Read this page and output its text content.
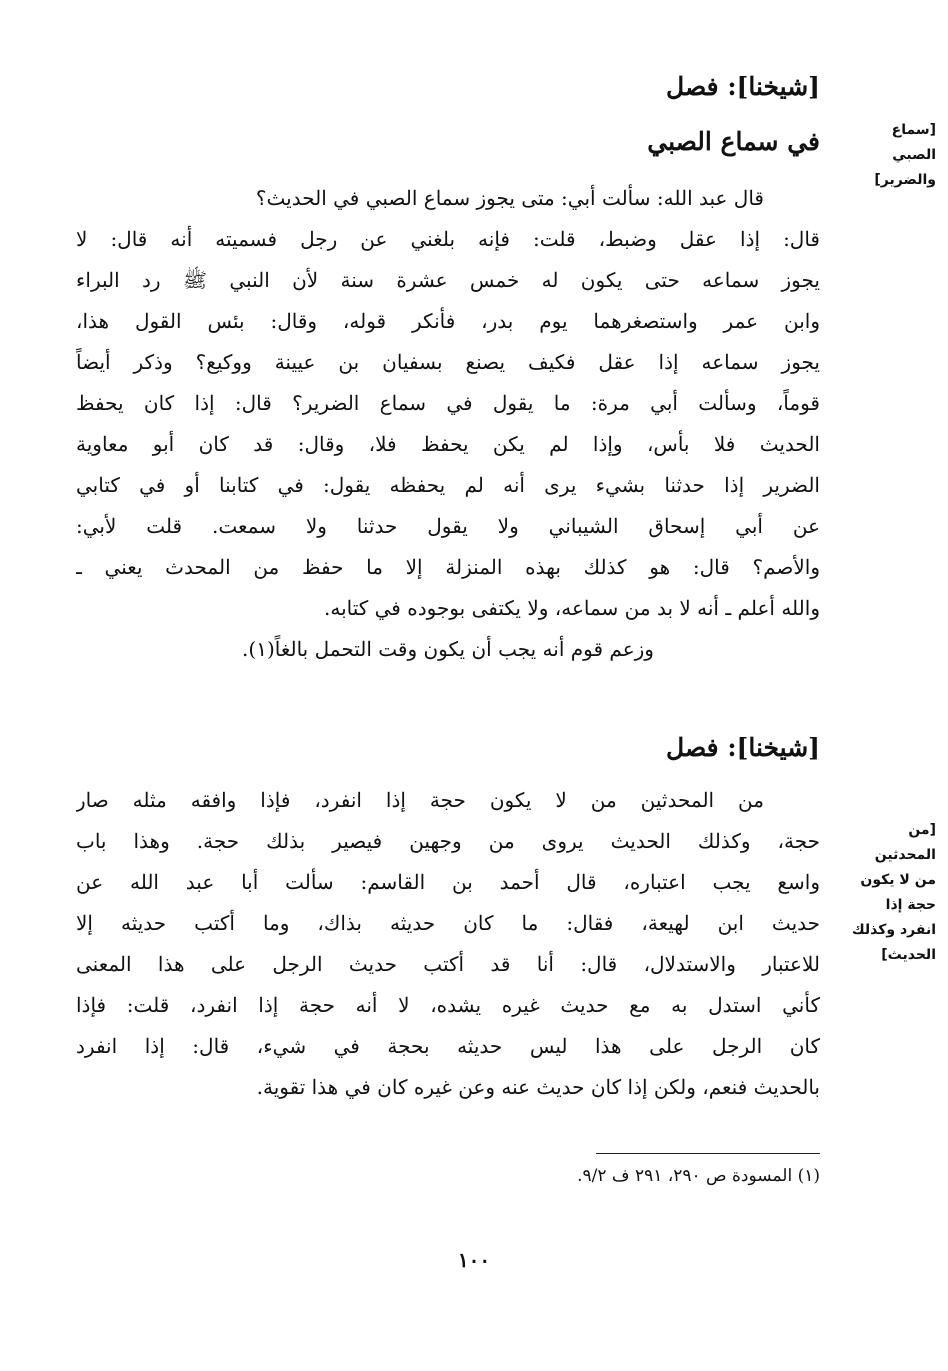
[شيخنا]: فصل
في سماع الصبي	[سماع
الصبي
والضرير]
قال عبد الله: سألت أبي: متى يجوز سماع الصبي في الحديث؟
قال: إذا عقل وضبط، قلت: فإنه بلغني عن رجل فسميته أنه قال: لا
يجوز سماعه حتى يكون له خمس عشرة سنة لأن النبي ﷺ رد البراء
وابن عمر واستصغرهما يوم بدر، فأنكر قوله، وقال: بئس القول هذا،
يجوز سماعه إذا عقل فكيف يصنع بسفيان بن عيينة ووكيع؟ وذكر أيضاً
قوماً، وسألت أبي مرة: ما يقول في سماع الضرير؟ قال: إذا كان يحفظ
الحديث فلا بأس، وإذا لم يكن يحفظ فلا، وقال: قد كان أبو معاوية
الضرير إذا حدثنا بشيء يرى أنه لم يحفظه يقول: في كتابنا أو في كتابي
عن أبي إسحاق الشيباني ولا يقول حدثنا ولا سمعت. قلت لأبي:
والأصم؟ قال: هو كذلك بهذه المنزلة إلا ما حفظ من المحدث يعني ـ
والله أعلم ـ أنه لا بد من سماعه، ولا يكتفى بوجوده في كتابه.
وزعم قوم أنه يجب أن يكون وقت التحمل بالغاً(١).
[شيخنا]: فصل
[من
المحدثين
من لا يكون
حجة إذا
انفرد وكذلك
الحديث]
من المحدثين من لا يكون حجة إذا انفرد، فإذا وافقه مثله صار
حجة، وكذلك الحديث يروى من وجهين فيصير بذلك حجة. وهذا باب
واسع يجب اعتباره، قال أحمد بن القاسم: سألت أبا عبد الله عن
حديث ابن لهيعة، فقال: ما كان حديثه بذاك، وما أكتب حديثه إلا
للاعتبار والاستدلال، قال: أنا قد أكتب حديث الرجل على هذا المعنى
كأني استدل به مع حديث غيره يشده، لا أنه حجة إذا انفرد، قلت: فإذا
كان الرجل على هذا ليس حديثه بحجة في شيء، قال: إذا انفرد
بالحديث فنعم، ولكن إذا كان حديث عنه وعن غيره كان في هذا تقوية.
(١) المسودة ص ٢٩٠، ٢٩١ ف ٩/٢.
١٠٠
